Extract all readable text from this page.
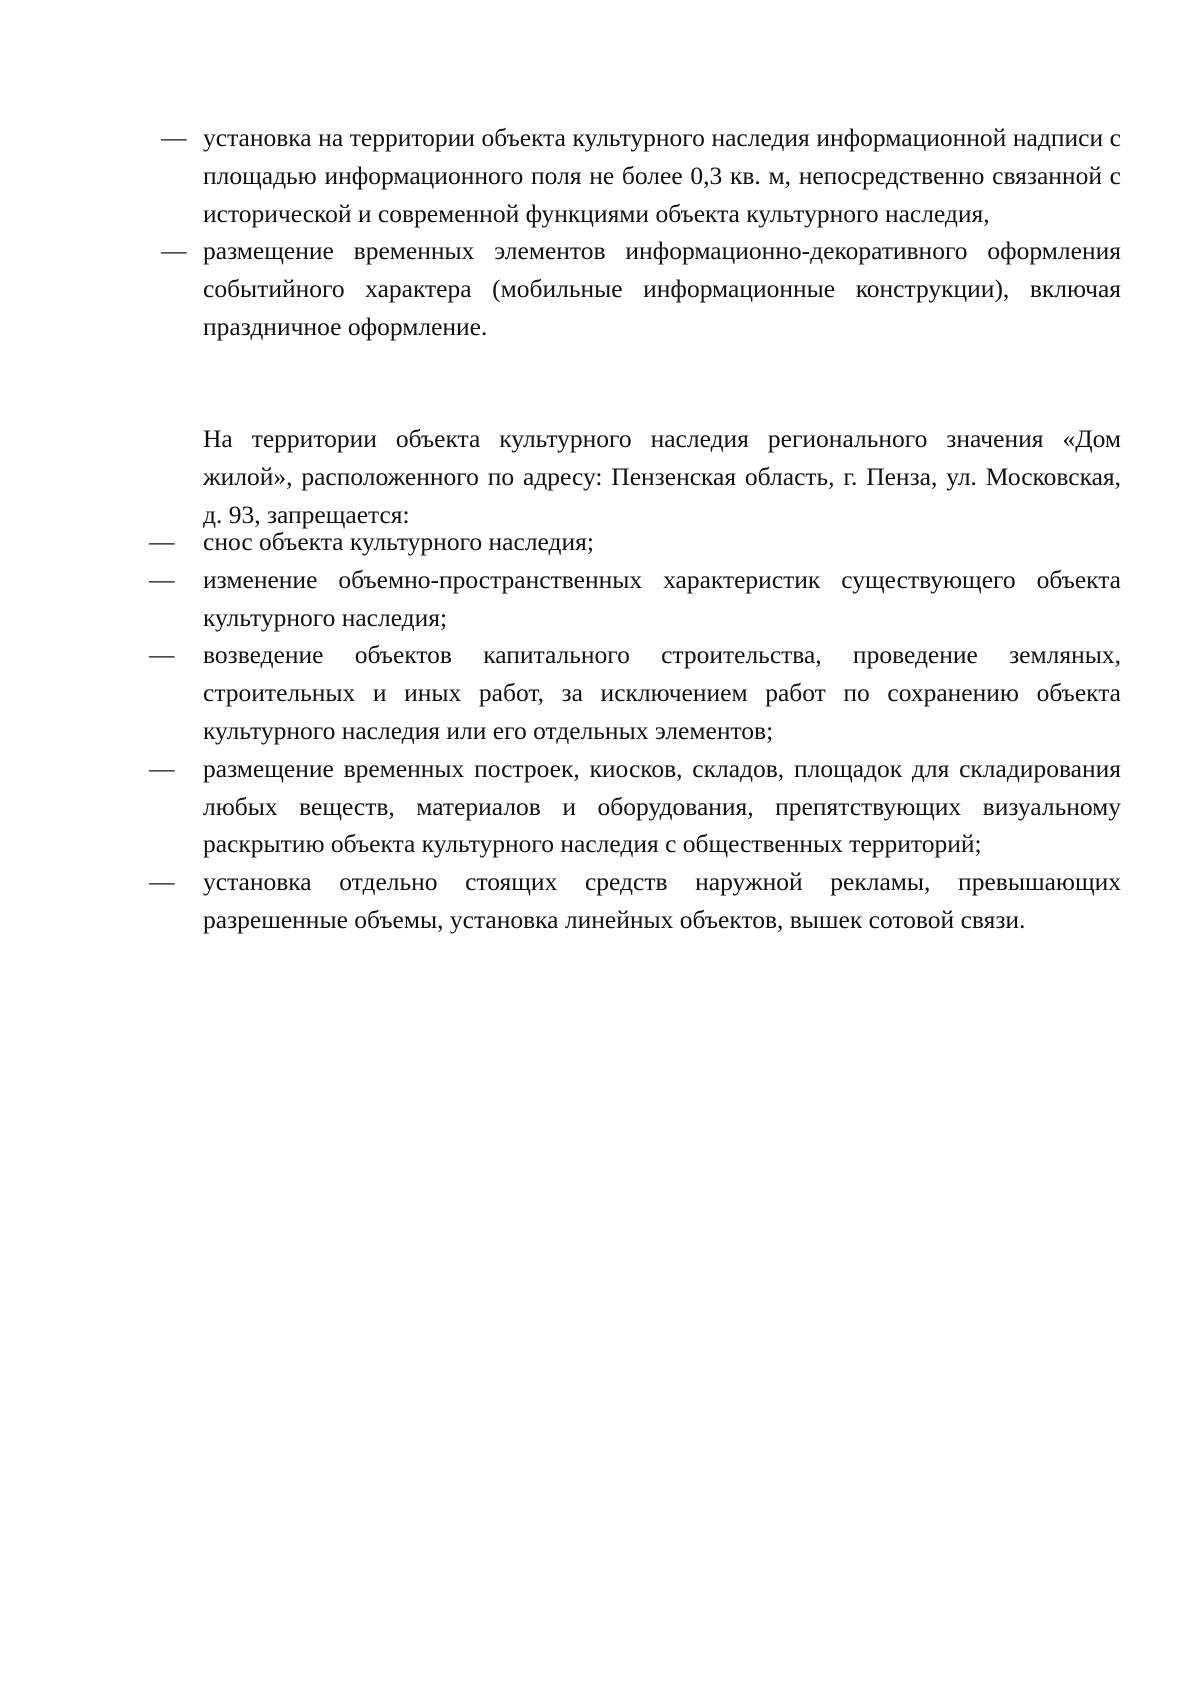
— установка на территории объекта культурного наследия информационной надписи с площадью информационного поля не более 0,3 кв. м, непосредственно связанной с исторической и современной функциями объекта культурного наследия,
— размещение временных элементов информационно-декоративного оформления событийного характера (мобильные информационные конструкции), включая праздничное оформление.
На территории объекта культурного наследия регионального значения «Дом жилой», расположенного по адресу: Пензенская область, г. Пенза, ул. Московская, д. 93, запрещается:
— снос объекта культурного наследия;
— изменение объемно-пространственных характеристик существующего объекта культурного наследия;
— возведение объектов капитального строительства, проведение земляных, строительных и иных работ, за исключением работ по сохранению объекта культурного наследия или его отдельных элементов;
— размещение временных построек, киосков, складов, площадок для складирования любых веществ, материалов и оборудования, препятствующих визуальному раскрытию объекта культурного наследия с общественных территорий;
— установка отдельно стоящих средств наружной рекламы, превышающих разрешенные объемы, установка линейных объектов, вышек сотовой связи.
